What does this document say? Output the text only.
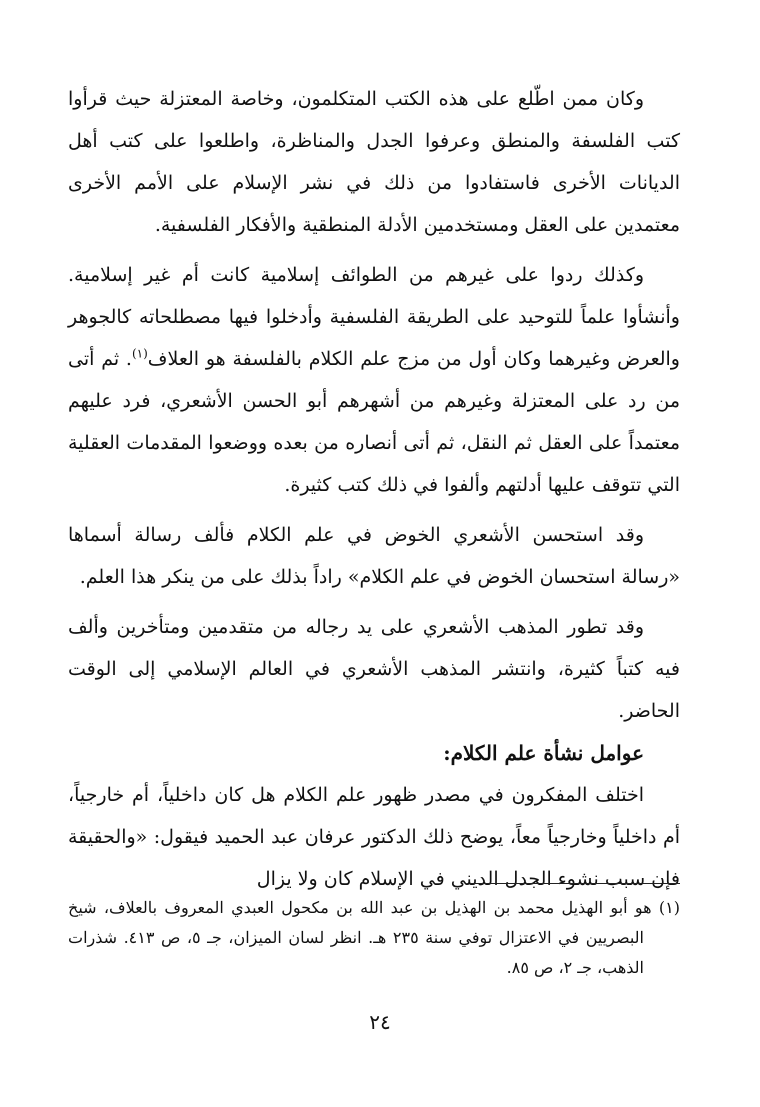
وكان ممن اطّلع على هذه الكتب المتكلمون، وخاصة المعتزلة حيث قرأوا كتب الفلسفة والمنطق وعرفوا الجدل والمناظرة، واطلعوا على كتب أهل الديانات الأخرى فاستفادوا من ذلك في نشر الإسلام على الأمم الأخرى معتمدين على العقل ومستخدمين الأدلة المنطقية والأفكار الفلسفية.

وكذلك ردوا على غيرهم من الطوائف إسلامية كانت أم غير إسلامية. وأنشأوا علماً للتوحيد على الطريقة الفلسفية وأدخلوا فيها مصطلحاته كالجوهر والعرض وغيرهما وكان أول من مزج علم الكلام بالفلسفة هو العلاف$^{(١)}$. ثم أتى من رد على المعتزلة وغيرهم من أشهرهم أبو الحسن الأشعري، فرد عليهم معتمداً على العقل ثم النقل، ثم أتى أنصاره من بعده ووضعوا المقدمات العقلية التي تتوقف عليها أدلتهم وألفوا في ذلك كتب كثيرة.

وقد استحسن الأشعري الخوض في علم الكلام فألف رسالة أسماها «رسالة استحسان الخوض في علم الكلام» راداً بذلك على من ينكر هذا العلم.

وقد تطور المذهب الأشعري على يد رجاله من متقدمين ومتأخرين وألف فيه كتباً كثيرة، وانتشر المذهب الأشعري في العالم الإسلامي إلى الوقت الحاضر.

عوامل نشأة علم الكلام:

اختلف المفكرون في مصدر ظهور علم الكلام هل كان داخلياً، أم خارجياً، أم داخلياً وخارجياً معاً، يوضح ذلك الدكتور عرفان عبد الحميد فيقول: «والحقيقة فإن سبب نشوء الجدل الديني في الإسلام كان ولا يزال

(١) هو أبو الهذيل محمد بن الهذيل بن عبد الله بن مكحول العبدي المعروف بالعلاف، شيخ البصريين في الاعتزال توفي سنة ٢٣٥ هـ. انظر لسان الميزان، جـ ٥، ص ٤١٣. شذرات الذهب، جـ ٢، ص ٨٥.

٢٤
